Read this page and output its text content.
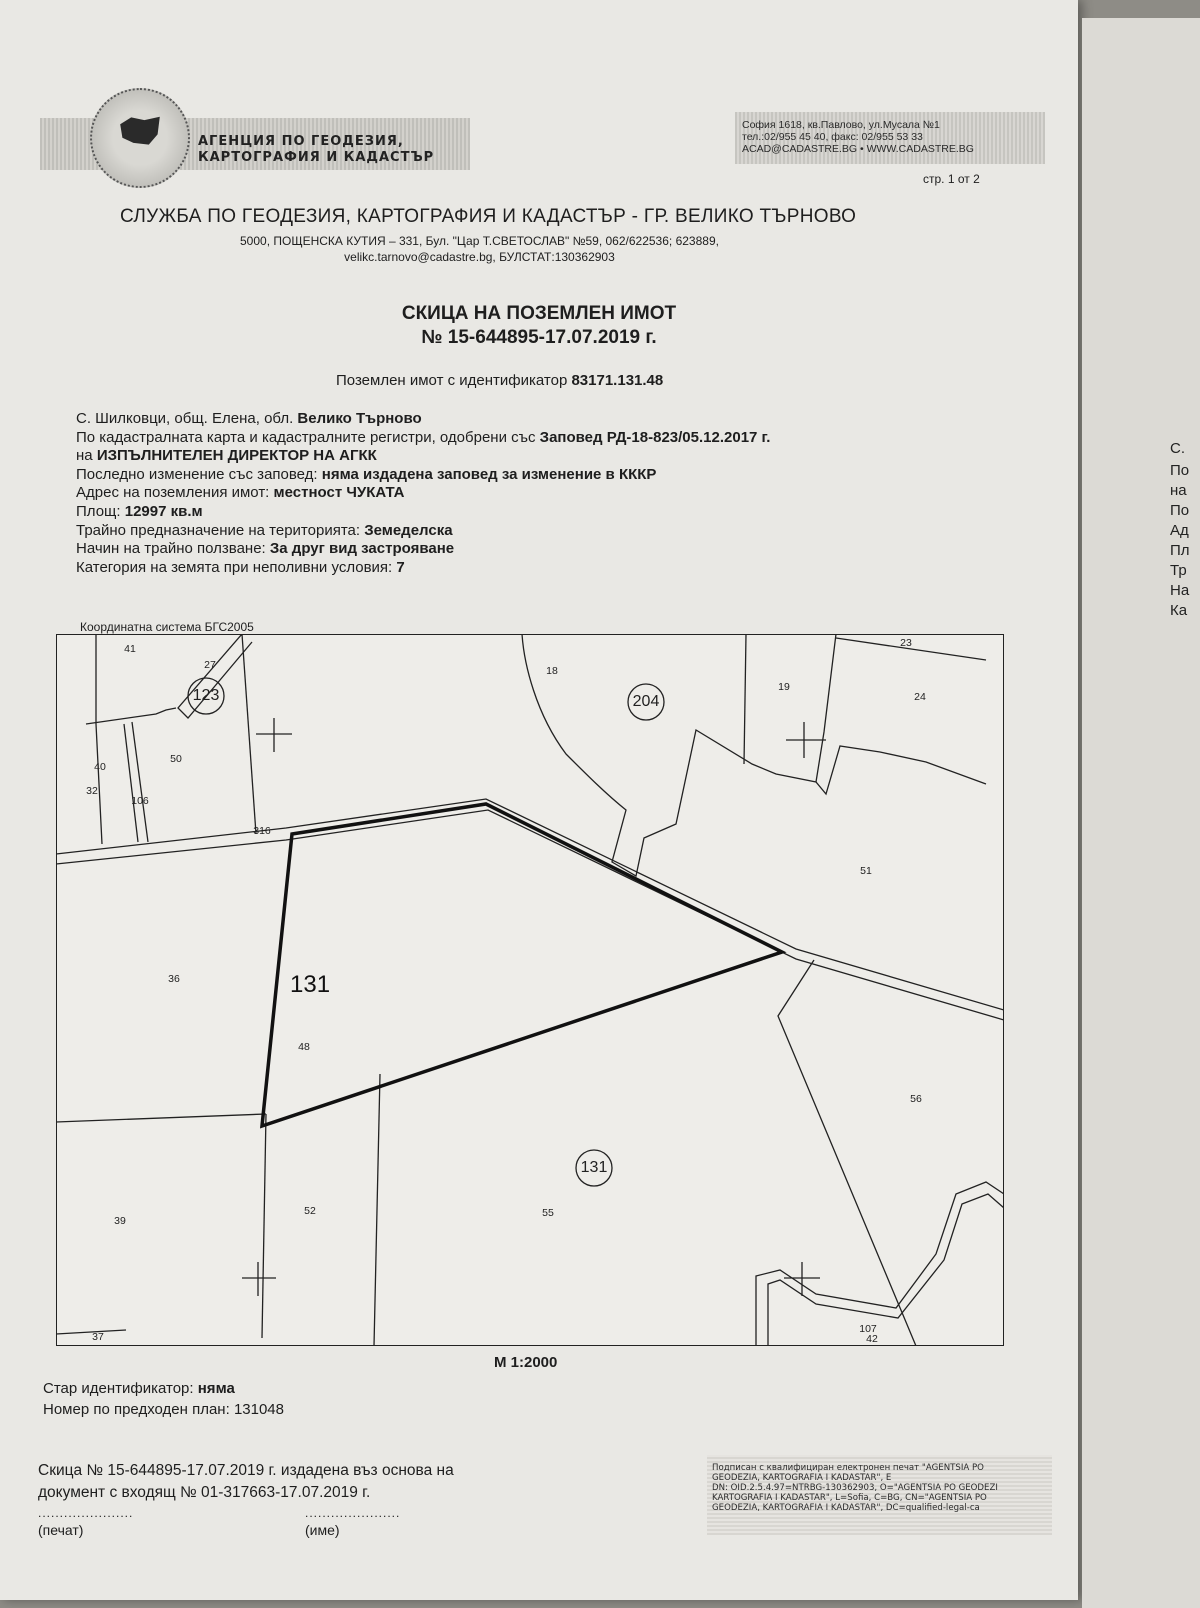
АГЕНЦИЯ ПО ГЕОДЕЗИЯ,
КАРТОГРАФИЯ И КАДАСТЪР
София 1618, кв.Павлово, ул.Мусала №1
тел.:02/955 45 40, факс: 02/955 53 33
ACAD@CADASTRE.BG • WWW.CADASTRE.BG
стр. 1 от 2
СЛУЖБА ПО ГЕОДЕЗИЯ, КАРТОГРАФИЯ И КАДАСТЪР - ГР. ВЕЛИКО ТЪРНОВО
5000, ПОЩЕНСКА КУТИЯ – 331, Бул. "Цар Т.СВЕТОСЛАВ" №59, 062/622536; 623889,
velikc.tarnovo@cadastre.bg, БУЛСТАТ:130362903
СКИЦА НА ПОЗЕМЛЕН ИМОТ
№ 15-644895-17.07.2019 г.
Поземлен имот с идентификатор 83171.131.48
С. Шилковци, общ. Елена, обл. Велико Търново
По кадастралната карта и кадастралните регистри, одобрени със Заповед РД-18-823/05.12.2017 г.
на ИЗПЪЛНИТЕЛЕН ДИРЕКТОР НА АГКК
Последно изменение със заповед: няма издадена заповед за изменение в КККР
Адрес на поземления имот: местност ЧУКАТА
Площ: 12997 кв.м
Трайно предназначение на територията: Земеделска
Начин на трайно ползване: За друг вид застрояване
Категория на земята при неполивни условия: 7
Координатна система БГС2005
123	204
131
131
41
27
50
40
32
106
316
18
19
23
24
51
36
48
56
39
52	55
37
107
42
М 1:2000
Стар идентификатор: няма
Номер по предходен план: 131048
Скица № 15-644895-17.07.2019 г. издадена въз основа на
документ с входящ № 01-317663-17.07.2019 г.
......................	......................
(печат)	(име)
Подписан с квалифициран електронен печат "AGENTSIA PO
GEODEZIA, KARTOGRAFIA I KADASTAR", E
DN: OID.2.5.4.97=NTRBG-130362903, O="AGENTSIA PO GEODEZI
KARTOGRAFIA I KADASTAR", L=Sofia, C=BG, CN="AGENTSIA PO
GEODEZIA, KARTOGRAFIA I KADASTAR", DC=qualified-legal-ca
С.
По
на
По
Ад
Пл
Тр
На
Ка
